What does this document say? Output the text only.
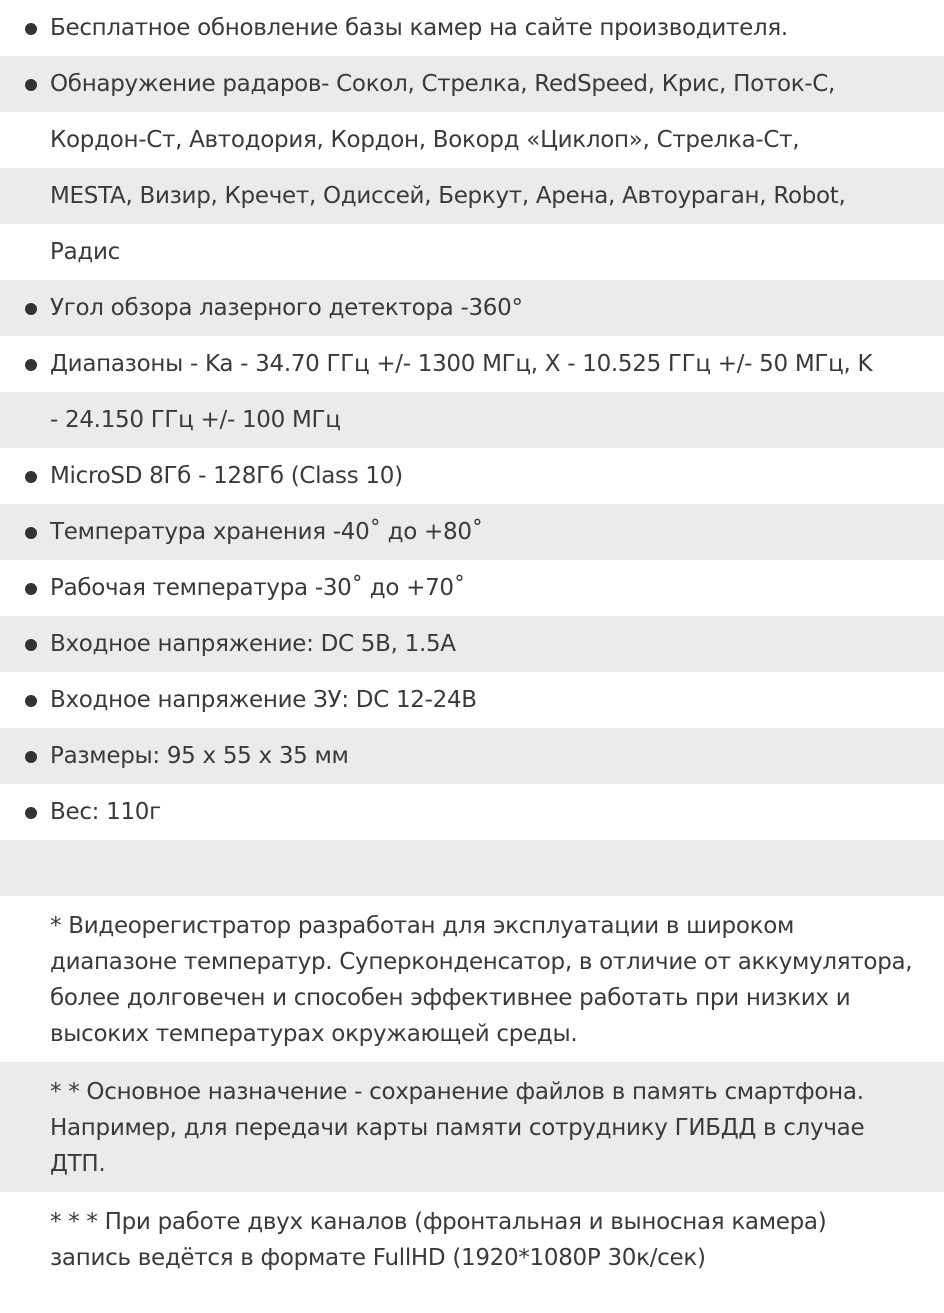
Бесплатное обновление базы камер на сайте производителя.
Обнаружение радаров- Сокол, Стрелка, RedSpeed, Крис, Поток-С,
Кордон-Ст, Автодория, Кордон, Вокорд «Циклоп», Стрелка-Ст,
MESTA, Визир, Кречет, Одиссей, Беркут, Арена, Автоураган, Robot,
Радис
Угол обзора лазерного детектора -360°
Диапазоны - Ka - 34.70 ГГц +/- 1300 МГц, X - 10.525 ГГц +/- 50 МГц, K
- 24.150 ГГц +/- 100 МГц
MicroSD 8Гб - 128Гб (Class 10)
Температура хранения -40˚ до +80˚
Рабочая температура -30˚ до +70˚
Входное напряжение: DC 5В, 1.5А
Входное напряжение ЗУ: DC 12-24В
Размеры: 95 x 55 x 35 мм
Вес: 110г
* Видеорегистратор разработан для эксплуатации в широком
диапазоне температур. Суперконденсатор, в отличие от аккумулятора,
более долговечен и способен эффективнее работать при низких и
высоких температурах окружающей среды.
* * Основное назначение - сохранение файлов в память смартфона.
Например, для передачи карты памяти сотруднику ГИБДД в случае
ДТП.
* * * При работе двух каналов (фронтальная и выносная камера)
запись ведётся в формате FullHD (1920*1080P 30к/сек)
